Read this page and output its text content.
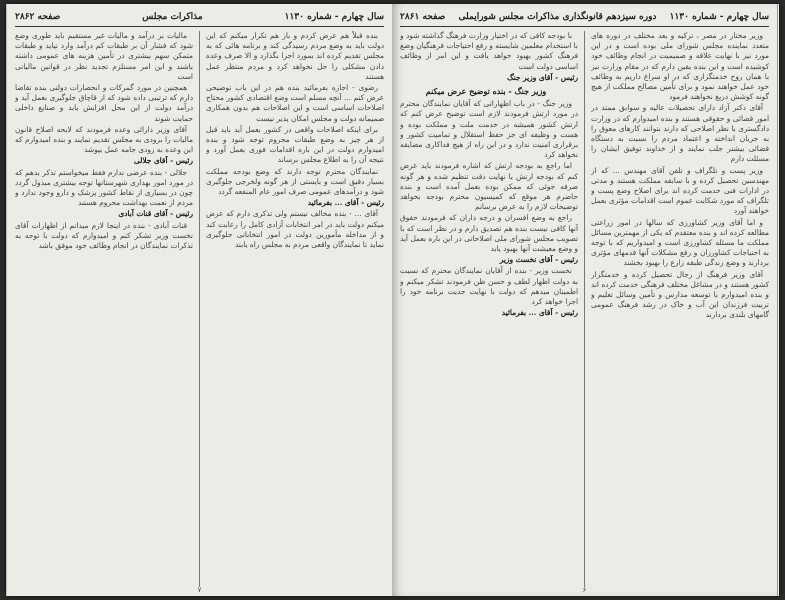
سال چهارم - شماره ۱۱۳۰
مذاکرات مجلس
صفحه ۲۸۶۲

بنده قبلاً هم عرض کردم و باز هم تکرار میکنم که این دولت باید به وضع مردم رسیدگی کند و برنامه هائی که به مجلس تقدیم کرده اند بمورد اجرا بگذارد و الا صرف وعده دادن مشکلی را حل نخواهد کرد و مردم منتظر عمل هستند

رضوی - اجازه بفرمائید بنده هم در این باب توضیحی عرض کنم ... آنچه مسلم است وضع اقتصادی کشور محتاج اصلاحات اساسی است و این اصلاحات هم بدون همکاری صمیمانه دولت و مجلس امکان پذیر نیست

برای اینکه اصلاحات واقعی در کشور بعمل آید باید قبل از هر چیز به وضع طبقات محروم توجه شود و بنده امیدوارم دولت در این باره اقدامات فوری بعمل آورد و نتیجه آن را به اطلاع مجلس برساند

نمایندگان محترم توجه دارند که وضع بودجه مملکت بسیار دقیق است و بایستی از هر گونه ولخرجی جلوگیری شود و درآمدهای عمومی صرف امور عام المنفعه گردد

رئیس - آقای ... بفرمائید

آقای ... - بنده مخالف نیستم ولی تذکری دارم که عرض میکنم دولت باید در امر انتخابات آزادی کامل را رعایت کند و از مداخله مأمورین دولت در امور انتخاباتی جلوگیری نماید تا نمایندگان واقعی مردم به مجلس راه یابند

مالیات بر درآمد و مالیات غیر مستقیم باید طوری وضع شود که فشار آن بر طبقات کم درآمد وارد نیاید و طبقات متمکن سهم بیشتری در تأمین هزینه های عمومی داشته باشند و این امر مستلزم تجدید نظر در قوانین مالیاتی است

همچنین در مورد گمرکات و انحصارات دولتی بنده تقاضا دارم که ترتیبی داده شود که از قاچاق جلوگیری بعمل آید و درآمد دولت از این محل افزایش یابد و صنایع داخلی حمایت شوند

آقای وزیر دارائی وعده فرمودند که لایحه اصلاح قانون مالیات را بزودی به مجلس تقدیم نمایند و بنده امیدوارم که این وعده به زودی جامه عمل بپوشد

رئیس - آقای جلالی

جلالی - بنده عرضی ندارم فقط میخواستم تذکر بدهم که در مورد امور بهداری شهرستانها توجه بیشتری مبذول گردد چون در بسیاری از نقاط کشور پزشک و دارو وجود ندارد و مردم از نعمت بهداشت محروم هستند

رئیس - آقای قنات آبادی

قنات آبادی - بنده در اینجا لازم میدانم از اظهارات آقای نخست وزیر تشکر کنم و امیدوارم که دولت با توجه به تذکرات نمایندگان در انجام وظائف خود موفق باشد

۷
سال چهارم - شماره ۱۱۳۰
دوره سیزدهم قانونگذاری مذاکرات مجلس شورایملی
صفحه ۲۸۶۱

وزیر مختار در مصر ، ترکیه و بعد مختلف در دوره های متعدد نماینده مجلس شورای ملی بوده است و در این مورد نیز با نهایت علاقه و صمیمیت در انجام وظائف خود کوشیده است و این بنده یقین دارم که در مقام وزارت نیز با همان روح خدمتگزاری که در او سراغ داریم به وظائف خود عمل خواهند نمود و برای تأمین مصالح مملکت از هیچ گونه کوشش دریغ نخواهند فرمود

آقای دکتر آزاد دارای تحصیلات عالیه و سوابق ممتد در امور قضائی و حقوقی هستند و بنده امیدوارم که در وزارت دادگستری با نظر اصلاحی که دارند بتوانند کارهای معوق را به جریان انداخته و اعتماد مردم را نسبت به دستگاه قضائی بیشتر جلب نمایند و از خداوند توفیق ایشان را مسئلت دارم

وزیر پست و تلگراف و تلفن آقای مهندس ... که از مهندسین تحصیل کرده و با سابقه مملکت هستند و مدتی در ادارات فنی خدمت کرده اند برای اصلاح وضع پست و تلگراف که مورد شکایت عموم است اقدامات مؤثری بعمل خواهند آورد

و اما آقای وزیر کشاورزی که سالها در امور زراعتی مطالعه کرده اند و بنده معتقدم که یکی از مهمترین مسائل مملکت ما مسئله کشاورزی است و امیدواریم که با توجه به احتیاجات کشاورزان و رفع مشکلات آنها قدمهای مؤثری بردارند و وضع زندگی طبقه زارع را بهبود بخشند

آقای وزیر فرهنگ از رجال تحصیل کرده و خدمتگزار کشور هستند و در مشاغل مختلف فرهنگی خدمت کرده اند و بنده امیدوارم با توسعه مدارس و تأمین وسائل تعلیم و تربیت فرزندان این آب و خاک در رشد فرهنگ عمومی گامهای بلندی بردارند

با بودجه کافی که در اختیار وزارت فرهنگ گذاشته شود و با استخدام معلمین شایسته و رفع احتیاجات فرهنگیان وضع فرهنگ کشور بهبود خواهد یافت و این امر از وظائف اساسی دولت است

رئیس - آقای وزیر جنگ

وزیر جنگ - بنده توضیح عرض میکنم

وزیر جنگ - در باب اظهاراتی که آقایان نمایندگان محترم در مورد ارتش فرمودند لازم است توضیح عرض کنم که ارتش کشور همیشه در خدمت ملت و مملکت بوده و هست و وظیفه ای جز حفظ استقلال و تمامیت کشور و برقراری امنیت ندارد و در این راه از هیچ فداکاری مضایقه نخواهد کرد

اما راجع به بودجه ارتش که اشاره فرمودند باید عرض کنم که بودجه ارتش با نهایت دقت تنظیم شده و هر گونه صرفه جوئی که ممکن بوده بعمل آمده است و بنده حاضرم هر موقع که کمیسیون محترم بودجه بخواهد توضیحات لازم را به عرض برسانم

راجع به وضع افسران و درجه داران که فرمودند حقوق آنها کافی نیست بنده هم تصدیق دارم و در نظر است که با تصویب مجلس شورای ملی اصلاحاتی در این باره بعمل آید و وضع معیشت آنها بهبود یابد

رئیس - آقای نخست وزیر

نخست وزیر - بنده از آقایان نمایندگان محترم که نسبت به دولت اظهار لطف و حسن ظن فرمودند تشکر میکنم و اطمینان میدهم که دولت با نهایت جدیت برنامه خود را اجرا خواهد کرد

رئیس - آقای ... بفرمائید

۶
